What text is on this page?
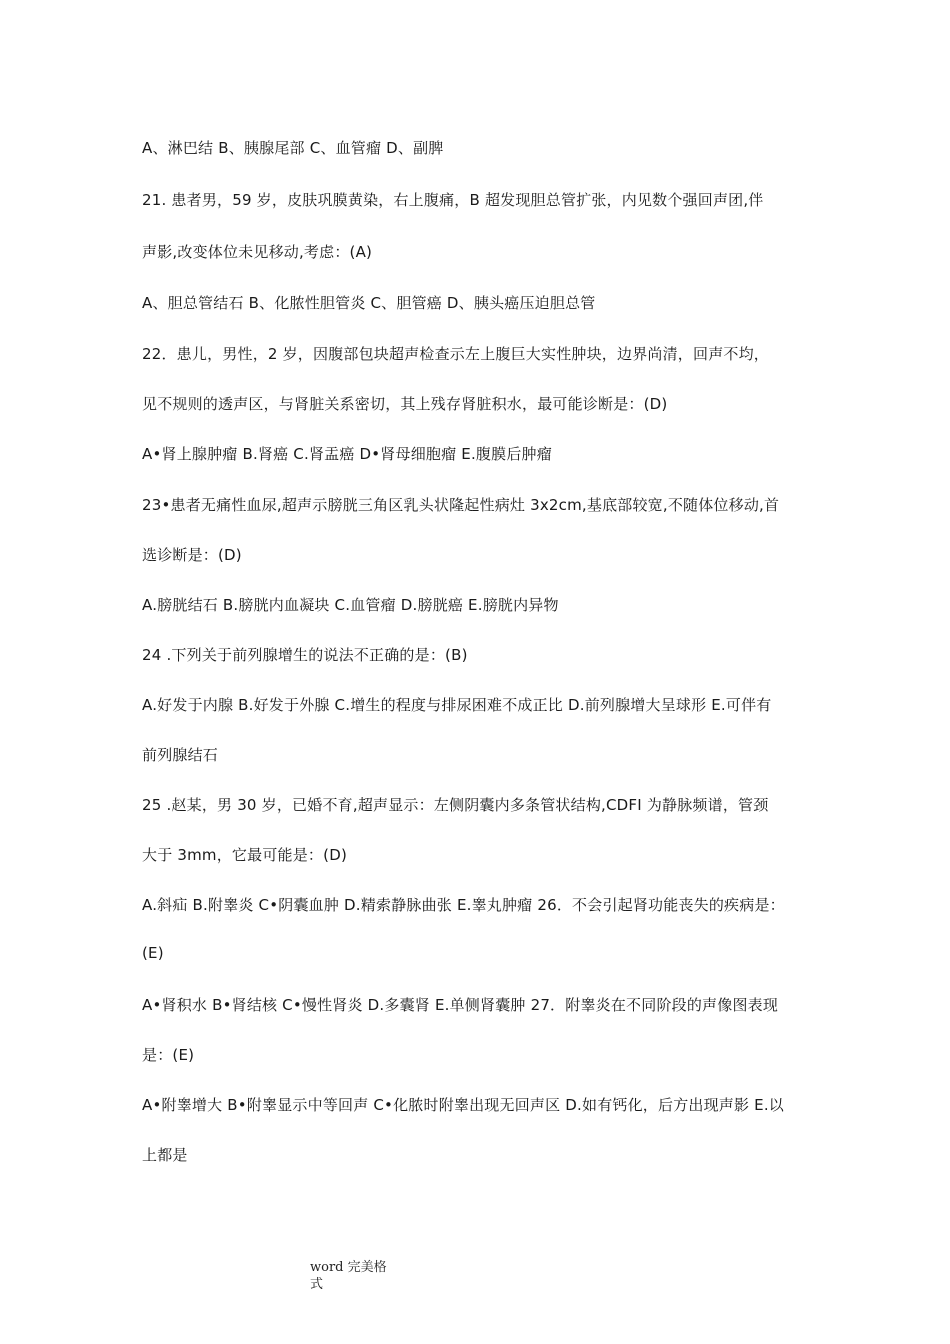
A、淋巴结 B、胰腺尾部 C、血管瘤 D、副脾
21. 患者男，59 岁，皮肤巩膜黄染，右上腹痛，B 超发现胆总管扩张，内见数个强回声团,伴
声影,改变体位未见移动,考虑：(A)
A、胆总管结石 B、化脓性胆管炎 C、胆管癌 D、胰头癌压迫胆总管
22．患儿，男性，2 岁，因腹部包块超声检查示左上腹巨大实性肿块，边界尚清，回声不均，
见不规则的透声区，与肾脏关系密切，其上残存肾脏积水，最可能诊断是：(D)
A•肾上腺肿瘤 B.肾癌 C.肾盂癌 D•肾母细胞瘤 E.腹膜后肿瘤
23•患者无痛性血尿,超声示膀胱三角区乳头状隆起性病灶 3x2cm,基底部较宽,不随体位移动,首
选诊断是：(D)
A.膀胱结石 B.膀胱内血凝块 C.血管瘤 D.膀胱癌 E.膀胱内异物
24 .下列关于前列腺增生的说法不正确的是：(B)
A.好发于内腺 B.好发于外腺 C.增生的程度与排尿困难不成正比 D.前列腺增大呈球形 E.可伴有
前列腺结石
25 .赵某，男 30 岁，已婚不育,超声显示：左侧阴囊内多条管状结构,CDFI 为静脉频谱，管颈
大于 3mm，它最可能是：(D)
A.斜疝 B.附睾炎 C•阴囊血肿 D.精索静脉曲张 E.睾丸肿瘤 26．不会引起肾功能丧失的疾病是：
(E)
A•肾积水 B•肾结核 C•慢性肾炎 D.多囊肾 E.单侧肾囊肿 27．附睾炎在不同阶段的声像图表现
是：(E)
A•附睾增大 B•附睾显示中等回声 C•化脓时附睾出现无回声区 D.如有钙化，后方出现声影 E.以
上都是
word 完美格
式
